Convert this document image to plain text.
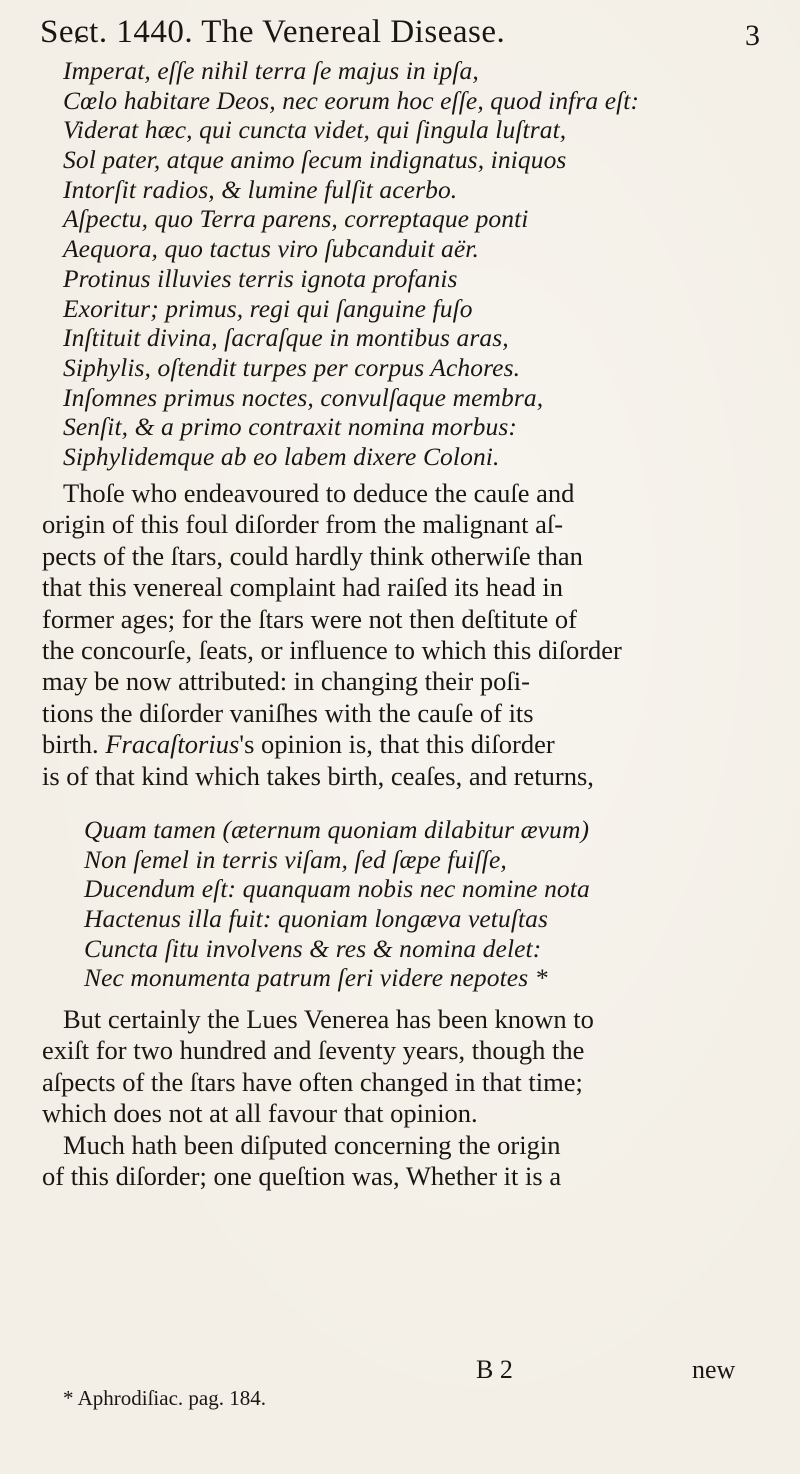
Seɕt. 1440. The Venereal Disease.	3
Imperat, eſſe nihil terra ſe majus in ipſa,
Cœlo habitare Deos, nec eorum hoc eſſe, quod infra eſt:
Viderat hæc, qui cuncta videt, qui ſingula luſtrat,
Sol pater, atque animo ſecum indignatus, iniquos
Intorſit radios, & lumine fulſit acerbo.
Aſpectu, quo Terra parens, correptaque ponti
Aequora, quo tactus viro ſubcanduit aër.
Protinus illuvies terris ignota profanis
Exoritur; primus, regi qui ſanguine fuſo
Inſtituit divina, ſacraſque in montibus aras,
Siphylis, oſtendit turpes per corpus Achores.
Inſomnes primus noctes, convulſaque membra,
Senſit, & a primo contraxit nomina morbus:
Siphylidemque ab eo labem dixere Coloni.
Thoſe who endeavoured to deduce the cauſe and
origin of this foul diſorder from the malignant aſ-
pects of the ſtars, could hardly think otherwiſe than
that this venereal complaint had raiſed its head in
former ages; for the ſtars were not then deſtitute of
the concourſe, ſeats, or influence to which this diſorder
may be now attributed: in changing their poſi-
tions the diſorder vaniſhes with the cauſe of its
birth. Fracaſtorius's opinion is, that this diſorder
is of that kind which takes birth, ceaſes, and returns,
Quam tamen (æternum quoniam dilabitur ævum)
Non ſemel in terris viſam, ſed ſæpe fuiſſe,
Ducendum eſt: quanquam nobis nec nomine nota
Hactenus illa fuit: quoniam longæva vetuſtas
Cuncta ſitu involvens & res & nomina delet:
Nec monumenta patrum ſeri videre nepotes *
But certainly the Lues Venerea has been known to
exiſt for two hundred and ſeventy years, though the
aſpects of the ſtars have often changed in that time;
which does not at all favour that opinion.
Much hath been diſputed concerning the origin
of this diſorder; one queſtion was, Whether it is a
B 2	new
* Aphrodiſiac. pag. 184.
